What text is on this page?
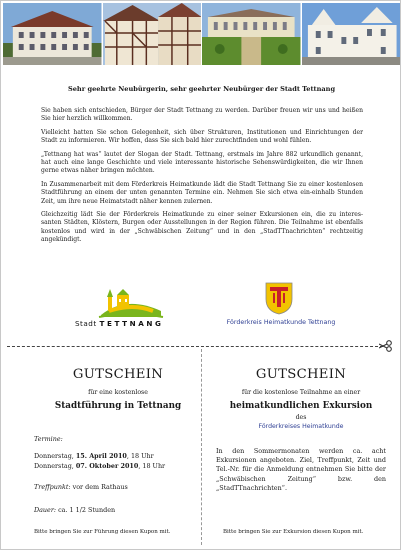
Sehr geehrte Neubürgerin, sehr geehrter Neubürger der Stadt Tettnang

Sie haben sich entschieden, Bürger der Stadt Tettnang zu werden. Darüber freuen wir uns und heißen Sie hier herzlich willkommen.

Vielleicht hatten Sie schon Gelegenheit, sich über Strukturen, Institutionen und Einrichtungen der Stadt zu informieren. Wir hoffen, dass Sie sich bald hier zurechtfinden und wohl fühlen.

„Tettnang hat was“ lautet der Slogan der Stadt. Tettnang, erstmals im Jahre 882 urkundlich genannt, hat auch eine lange Geschichte und viele interessante historische Sehenswürdigkeiten, die wir Ihnen gerne etwas näher bringen möchten.

In Zusammenarbeit mit dem Förderkreis Heimatkunde lädt die Stadt Tettnang Sie zu einer kostenlosen Stadtführung an einem der unten genannten Termine ein. Nehmen Sie sich etwa ein-einhalb Stunden Zeit, um ihre neue Heimatstadt näher kennen zulernen.

Gleichzeitig lädt Sie der Förderkreis Heimatkunde zu einer seiner Exkursionen ein, die zu interes-santen Städten, Klöstern, Burgen oder Ausstellungen in der Region führen. Die Teilnahme ist ebenfalls kostenlos und wird in der „Schwäbischen Zeitung“ und in den „StadTTnachrichten“ rechtzeitig angekündigt.

Stadt TETTNANG	Förderkreis Heimatkunde Tettnang
GUTSCHEIN
für eine kostenlose
Stadtführung in Tettnang
Termine:
Donnerstag, 15. April 2010, 18 Uhr
Donnerstag, 07. Oktober 2010, 18 Uhr
Treffpunkt: vor dem Rathaus
Dauer: ca. 1 1/2 Stunden
Bitte bringen Sie zur Führung diesen Kupon mit.
GUTSCHEIN
für die kostenlose Teilnahme an einer
heimatkundlichen Exkursion
des
Förderkreises Heimatkunde
In den Sommermonaten werden ca. acht Exkursionen angeboten. Ziel, Treffpunkt, Zeit und Tel.-Nr. für die Anmeldung entnehmen Sie bitte der „Schwäbischen Zeitung“ bzw. den „StadTTnachrichten“.
Bitte bringen Sie zur Exkursion diesen Kupon mit.
